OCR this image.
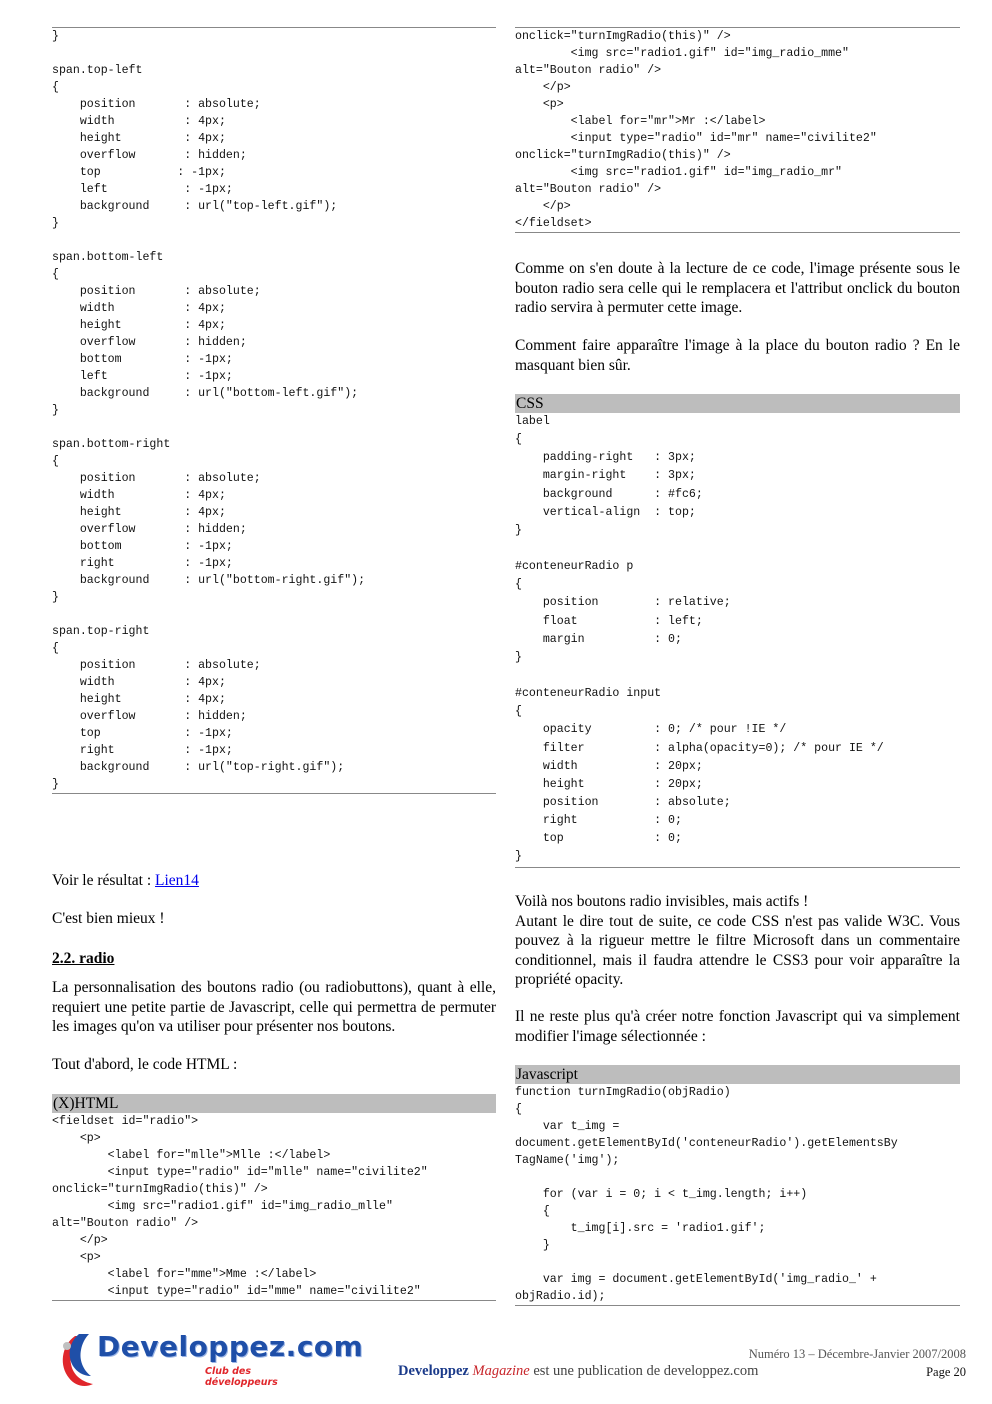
}
span.top-left
{
position       : absolute;
width          : 4px;
height         : 4px;
overflow       : hidden;
top           : -1px;
left           : -1px;
background     : url("top-left.gif");
}
span.bottom-left
{
position       : absolute;
width          : 4px;
height         : 4px;
overflow       : hidden;
bottom         : -1px;
left           : -1px;
background     : url("bottom-left.gif");
}
span.bottom-right
{
position       : absolute;
width          : 4px;
height         : 4px;
overflow       : hidden;
bottom         : -1px;
right          : -1px;
background     : url("bottom-right.gif");
}
span.top-right
{
position       : absolute;
width          : 4px;
height         : 4px;
overflow       : hidden;
top            : -1px;
right          : -1px;
background     : url("top-right.gif");
}

Voir le résultat : Lien14

C'est bien mieux !

2.2. radio

La personnalisation des boutons radio (ou radiobuttons), quant à elle, requiert une petite partie de Javascript, celle qui permettra de permuter les images qu'on va utiliser pour présenter nos boutons.

Tout d'abord, le code HTML :

(X)HTML
<fieldset id="radio">
<p>
<label for="mlle">Mlle :</label>
<input type="radio" id="mlle" name="civilite2"
onclick="turnImgRadio(this)" />
<img src="radio1.gif" id="img_radio_mlle"
alt="Bouton radio" />
</p>
<p>
<label for="mme">Mme :</label>
<input type="radio" id="mme" name="civilite2"
onclick="turnImgRadio(this)" />
<img src="radio1.gif" id="img_radio_mme"
alt="Bouton radio" />
</p>
<p>
<label for="mr">Mr :</label>
<input type="radio" id="mr" name="civilite2"
onclick="turnImgRadio(this)" />
<img src="radio1.gif" id="img_radio_mr"
alt="Bouton radio" />
</p>
</fieldset>

Comme on s'en doute à la lecture de ce code, l'image présente sous le bouton radio sera celle qui le remplacera et l'attribut onclick du bouton radio servira à permuter cette image.

Comment faire apparaître l'image à la place du bouton radio ? En le masquant bien sûr.

CSS
label
{
padding-right   : 3px;
margin-right    : 3px;
background      : #fc6;
vertical-align  : top;
}
#conteneurRadio p
{
position        : relative;
float           : left;
margin          : 0;
}
#conteneurRadio input
{
opacity         : 0; /* pour !IE */
filter          : alpha(opacity=0); /* pour IE */
width           : 20px;
height          : 20px;
position        : absolute;
right           : 0;
top             : 0;
}

Voilà nos boutons radio invisibles, mais actifs !
Autant le dire tout de suite, ce code CSS n'est pas valide W3C. Vous pouvez à la rigueur mettre le filtre Microsoft dans un commentaire conditionnel, mais il faudra attendre le CSS3 pour voir apparaître la propriété opacity.

Il ne reste plus qu'à créer notre fonction Javascript qui va simplement modifier l'image sélectionnée :

Javascript
function turnImgRadio(objRadio)
{
var t_img =
document.getElementById('conteneurRadio').getElementsBy
TagName('img');
for (var i = 0; i < t_img.length; i++)
{
t_img[i].src = 'radio1.gif';
}
var img = document.getElementById('img_radio_' +
objRadio.id);
Developpez.com
Club des développeurs
Numéro 13 – Décembre-Janvier 2007/2008
Developpez Magazine est une publication de developpez.com	Page 20
